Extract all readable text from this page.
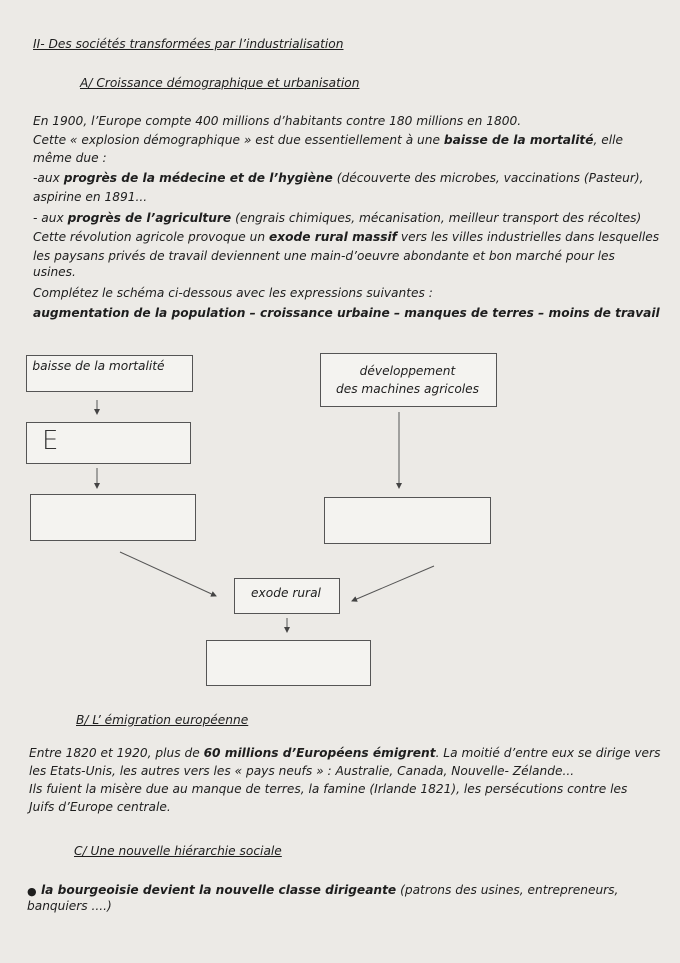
II- Des sociétés transformées par l’industrialisation
A/ Croissance démographique et urbanisation
En 1900, l’Europe compte 400 millions d’habitants contre 180 millions en 1800.
Cette « explosion démographique » est due essentiellement à une baisse de la mortalité, elle
même due :
-aux progrès de la médecine et de l’hygiène (découverte des microbes, vaccinations (Pasteur),
aspirine en 1891...
- aux progrès de l’agriculture (engrais chimiques, mécanisation, meilleur transport des récoltes)
Cette révolution agricole provoque un exode rural massif vers les villes industrielles dans lesquelles
les paysans privés de travail deviennent une main-d’oeuvre abondante et bon marché pour les
usines.
Complétez le schéma ci-dessous avec les expressions suivantes :
augmentation de la population – croissance urbaine – manques de terres – moins de travail
baisse de la mortalité	développement
des machines agricoles
E
exode rural
B/ L’ émigration européenne
Entre 1820 et 1920, plus de 60 millions d’Européens émigrent. La moitié d’entre eux se dirige vers
les Etats-Unis, les autres vers les « pays neufs » : Australie, Canada, Nouvelle- Zélande...
Ils fuient la misère due au manque de terres, la famine (Irlande 1821), les persécutions contre les
Juifs d’Europe centrale.
C/ Une nouvelle hiérarchie sociale
● la bourgeoisie devient la nouvelle classe dirigeante (patrons des usines, entrepreneurs,
banquiers ....)
